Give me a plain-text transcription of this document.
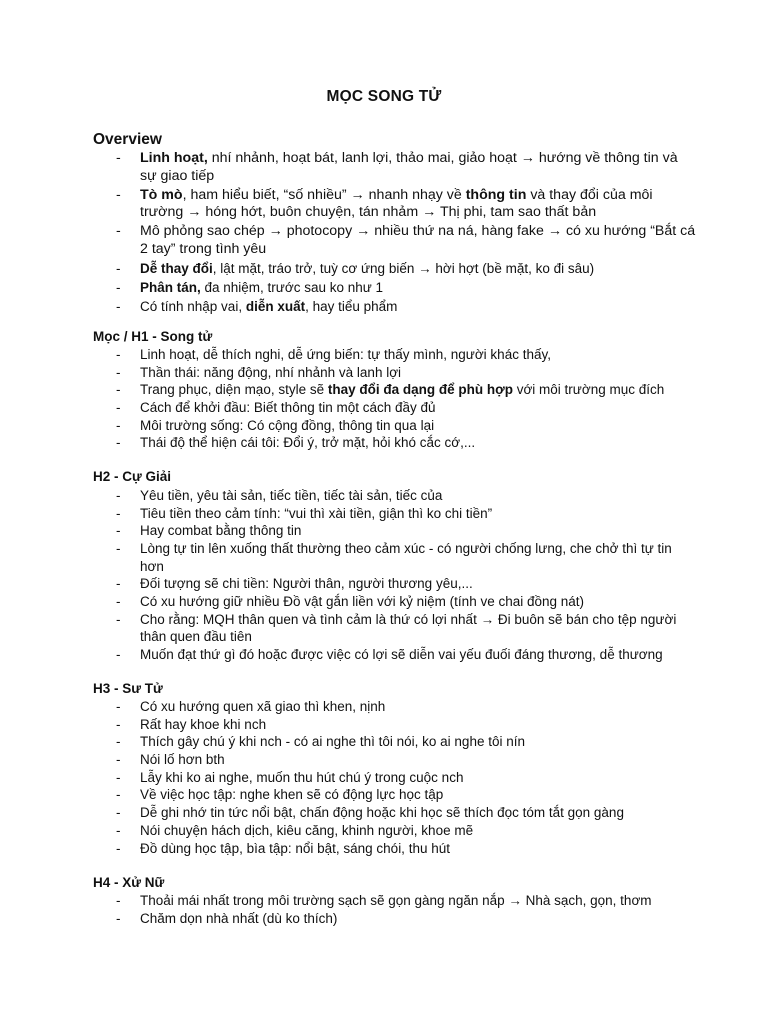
MỌC SONG TỬ
Overview
- Linh hoạt, nhí nhảnh, hoạt bát, lanh lợi, thảo mai, giảo hoạt → hướng về thông tin và sự giao tiếp
- Tò mò, ham hiểu biết, “số nhiều” → nhanh nhạy về thông tin và thay đổi của môi trường → hóng hớt, buôn chuyện, tán nhảm → Thị phi, tam sao thất bản
- Mô phỏng sao chép → photocopy → nhiều thứ na ná, hàng fake → có xu hướng “Bắt cá 2 tay” trong tình yêu
- Dễ thay đổi, lật mặt, tráo trở, tuỳ cơ ứng biến → hời hợt (bề mặt, ko đi sâu)
- Phân tán, đa nhiệm, trước sau ko như 1
- Có tính nhập vai, diễn xuất, hay tiểu phẩm
Mọc / H1 - Song tử
- Linh hoạt, dễ thích nghi, dễ ứng biến: tự thấy mình, người khác thấy,
- Thần thái: năng động, nhí nhảnh và lanh lợi
- Trang phục, diện mạo, style sẽ thay đổi đa dạng để phù hợp với môi trường mục đích
- Cách để khởi đầu: Biết thông tin một cách đầy đủ
- Môi trường sống: Có cộng đồng, thông tin qua lại
- Thái độ thể hiện cái tôi: Đổi ý, trở mặt, hỏi khó cắc cớ,...
H2 - Cự Giải
- Yêu tiền, yêu tài sản, tiếc tiền, tiếc tài sản, tiếc của
- Tiêu tiền theo cảm tính: “vui thì xài tiền, giận thì ko chi tiền”
- Hay combat bằng thông tin
- Lòng tự tin lên xuống thất thường theo cảm xúc - có người chống lưng, che chở thì tự tin hơn
- Đối tượng sẽ chi tiền: Người thân, người thương yêu,...
- Có xu hướng giữ nhiều Đồ vật gắn liền với kỷ niệm (tính ve chai đồng nát)
- Cho rằng: MQH thân quen và tình cảm là thứ có lợi nhất → Đi buôn sẽ bán cho tệp người thân quen đầu tiên
- Muốn đạt thứ gì đó hoặc được việc có lợi sẽ diễn vai yếu đuối đáng thương, dễ thương
H3 - Sư Tử
- Có xu hướng quen xã giao thì khen, nịnh
- Rất hay khoe khi nch
- Thích gây chú ý khi nch - có ai nghe thì tôi nói, ko ai nghe tôi nín
- Nói lố hơn bth
- Lẫy khi ko ai nghe, muốn thu hút chú ý trong cuộc nch
- Về việc học tập: nghe khen sẽ có động lực học tập
- Dễ ghi nhớ tin tức nổi bật, chấn động hoặc khi học sẽ thích đọc tóm tắt gọn gàng
- Nói chuyện hách dịch, kiêu căng, khinh người, khoe mẽ
- Đồ dùng học tập, bìa tập: nổi bật, sáng chói, thu hút
H4 - Xử Nữ
- Thoải mái nhất trong môi trường sạch sẽ gọn gàng ngăn nắp → Nhà sạch, gọn, thơm
- Chăm dọn nhà nhất (dù ko thích)
